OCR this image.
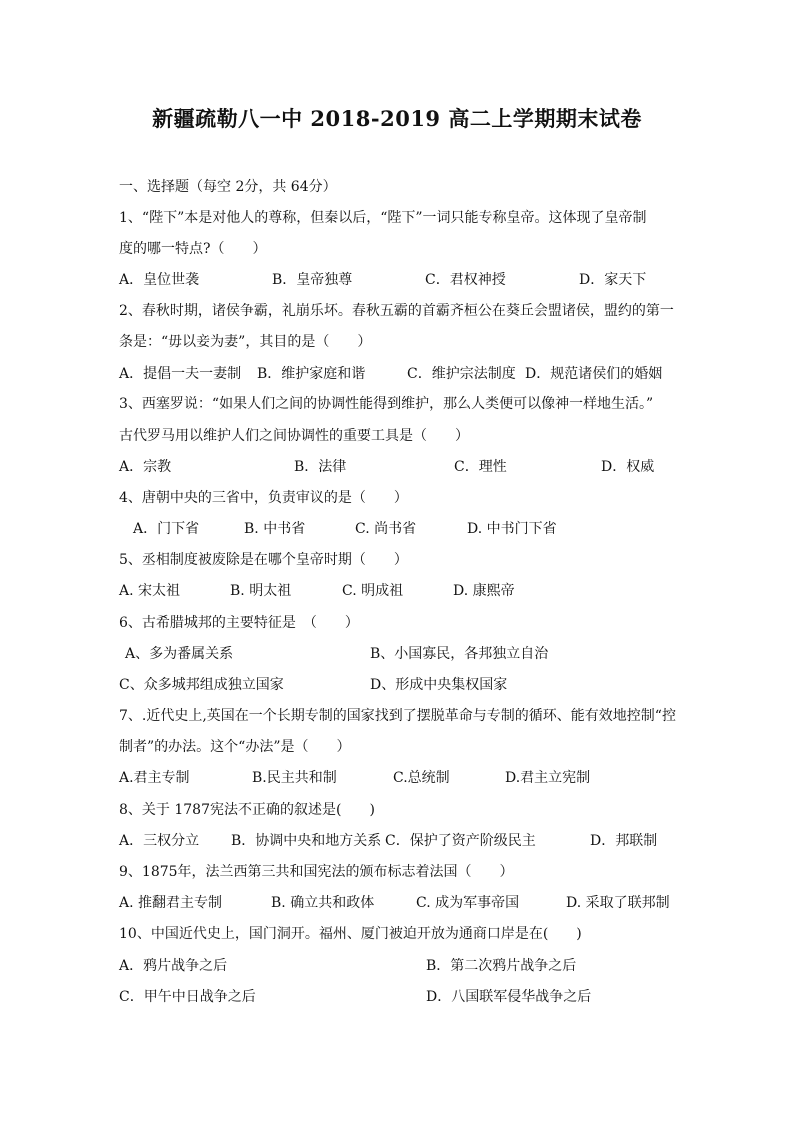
新疆疏勒八一中 2018-2019 高二上学期期末试卷
一、选择题（每空 2分，共 64分）
1、“陛下”本是对他人的尊称，但秦以后，“陛下”一词只能专称皇帝。这体现了皇帝制
度的哪一特点?（　　）
A．皇位世袭	B．皇帝独尊	C．君权神授	D．家天下
2、春秋时期，诸侯争霸，礼崩乐坏。春秋五霸的首霸齐桓公在葵丘会盟诸侯，盟约的第一
条是：“毋以妾为妻”，其目的是（　　）
A．提倡一夫一妻制 B．维护家庭和谐	C．维护宗法制度 D．规范诸侯们的婚姻
3、西塞罗说：“如果人们之间的协调性能得到维护，那么人类便可以像神一样地生活。”
古代罗马用以维护人们之间协调性的重要工具是（　　）
A．宗教	B．法律	C．理性	D．权威
4、唐朝中央的三省中，负责审议的是（　　）
A．门下省	B. 中书省	C. 尚书省	D. 中书门下省
5、丞相制度被废除是在哪个皇帝时期（　　）
A. 宋太祖	B. 明太祖	C. 明成祖	D. 康熙帝
6、古希腊城邦的主要特征是　（　　）
A、多为番属关系	B、小国寡民，各邦独立自治
C、众多城邦组成独立国家	D、形成中央集权国家
7、.近代史上,英国在一个长期专制的国家找到了摆脱革命与专制的循环、能有效地控制“控
制者”的办法。这个“办法”是（　　）
A.君主专制	B.民主共和制	C.总统制	D.君主立宪制
8、关于 1787宪法不正确的叙述是(　　)
A．三权分立 B．协调中央和地方关系 C．保护了资产阶级民主	D．邦联制
9、1875年，法兰西第三共和国宪法的颁布标志着法国（　　）
A. 推翻君主专制	B. 确立共和政体	C. 成为军事帝国	D. 采取了联邦制
10、中国近代史上，国门洞开。福州、厦门被迫开放为通商口岸是在(　　)
A．鸦片战争之后	B．第二次鸦片战争之后
C．甲午中日战争之后	D．八国联军侵华战争之后
